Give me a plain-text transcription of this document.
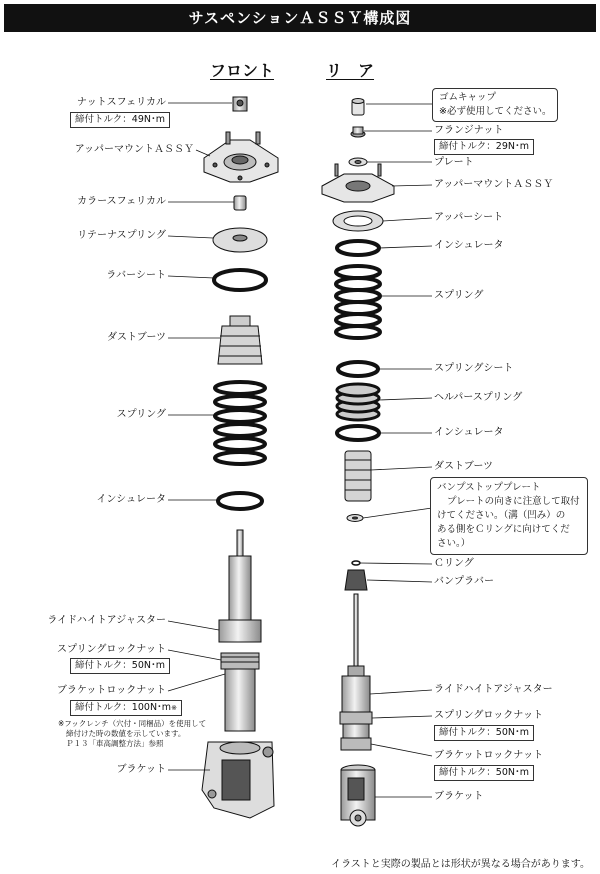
サスペンションＡＳＳＹ構成図
フロント	リ　ア
ナットスフェリカル
締付トルク：49N･m
アッパーマウントＡＳＳＹ
カラースフェリカル
リテーナスプリング
ラバーシート
ダストブーツ
スプリング
インシュレータ
ライドハイトアジャスター
スプリングロックナット
締付トルク：50N･m
ブラケットロックナット
締付トルク：100N･m※
※フックレンチ（穴付・同梱品）を使用して
締付けた時の数値を示しています。
Ｐ１３「車高調整方法」参照
ブラケット
ゴムキャップ
※必ず使用してください。
フランジナット
締付トルク：29N･m
プレート
アッパーマウントＡＳＳＹ
アッパーシート
インシュレータ
スプリング
スプリングシート
ヘルパースプリング
インシュレータ
ダストブーツ
バンプストッププレート
プレートの向きに注意して取付
けてください。（溝（凹み）の
ある側をＣリングに向けてくだ
さい。）
Ｃリング
バンプラバー
ライドハイトアジャスター
スプリングロックナット
締付トルク：50N･m
ブラケットロックナット
締付トルク：50N･m
ブラケット
イラストと実際の製品とは形状が異なる場合があります。
